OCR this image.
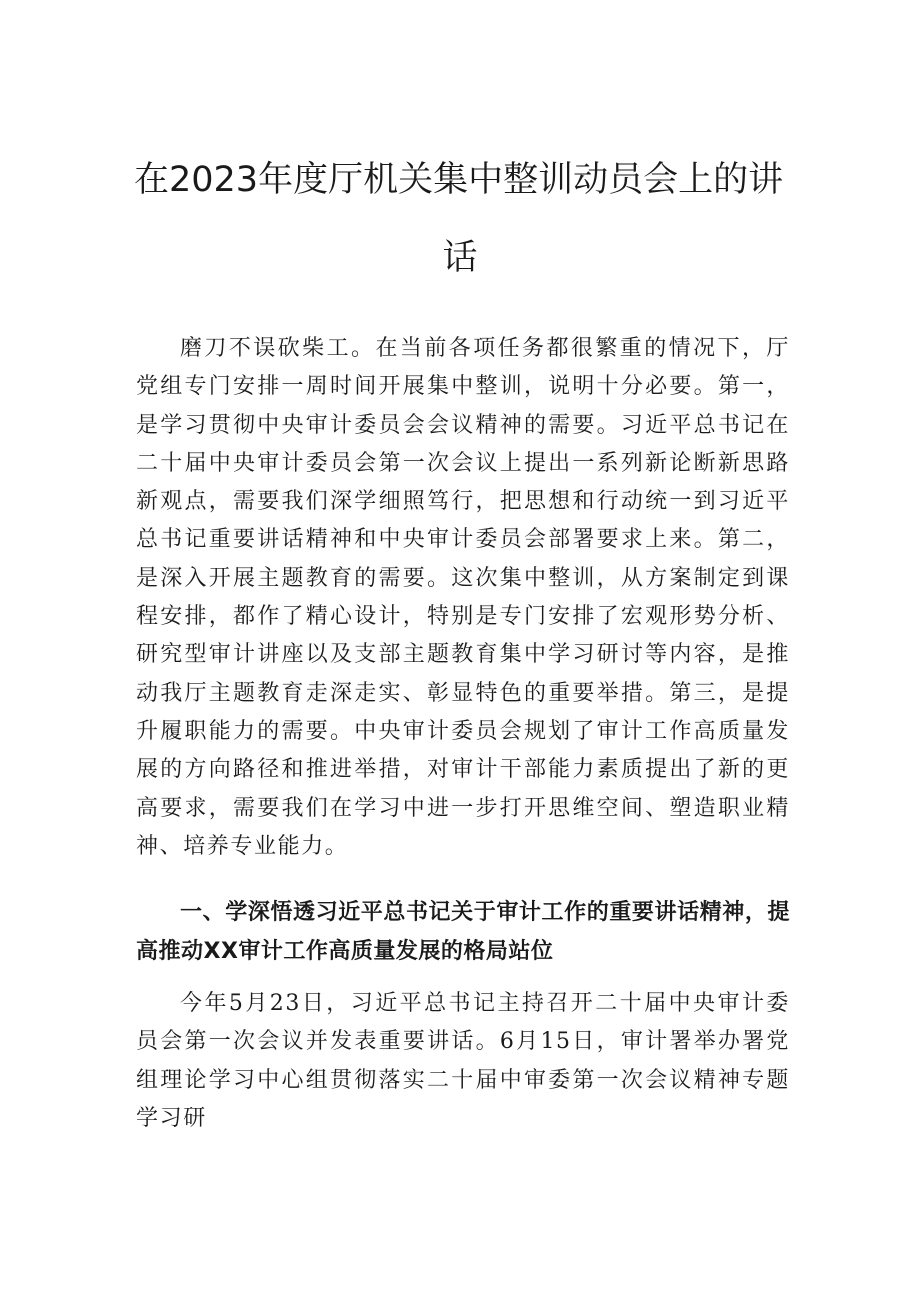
在2023年度厅机关集中整训动员会上的讲
话

磨刀不误砍柴工。在当前各项任务都很繁重的情况下，厅党组专门安排一周时间开展集中整训，说明十分必要。第一，是学习贯彻中央审计委员会会议精神的需要。习近平总书记在二十届中央审计委员会第一次会议上提出一系列新论断新思路新观点，需要我们深学细照笃行，把思想和行动统一到习近平总书记重要讲话精神和中央审计委员会部署要求上来。第二，是深入开展主题教育的需要。这次集中整训，从方案制定到课程安排，都作了精心设计，特别是专门安排了宏观形势分析、研究型审计讲座以及支部主题教育集中学习研讨等内容，是推动我厅主题教育走深走实、彰显特色的重要举措。第三，是提升履职能力的需要。中央审计委员会规划了审计工作高质量发展的方向路径和推进举措，对审计干部能力素质提出了新的更高要求，需要我们在学习中进一步打开思维空间、塑造职业精神、培养专业能力。

一、学深悟透习近平总书记关于审计工作的重要讲话精神，提高推动XX审计工作高质量发展的格局站位

今年5月23日，习近平总书记主持召开二十届中央审计委员会第一次会议并发表重要讲话。6月15日，审计署举办署党组理论学习中心组贯彻落实二十届中审委第一次会议精神专题学习研
